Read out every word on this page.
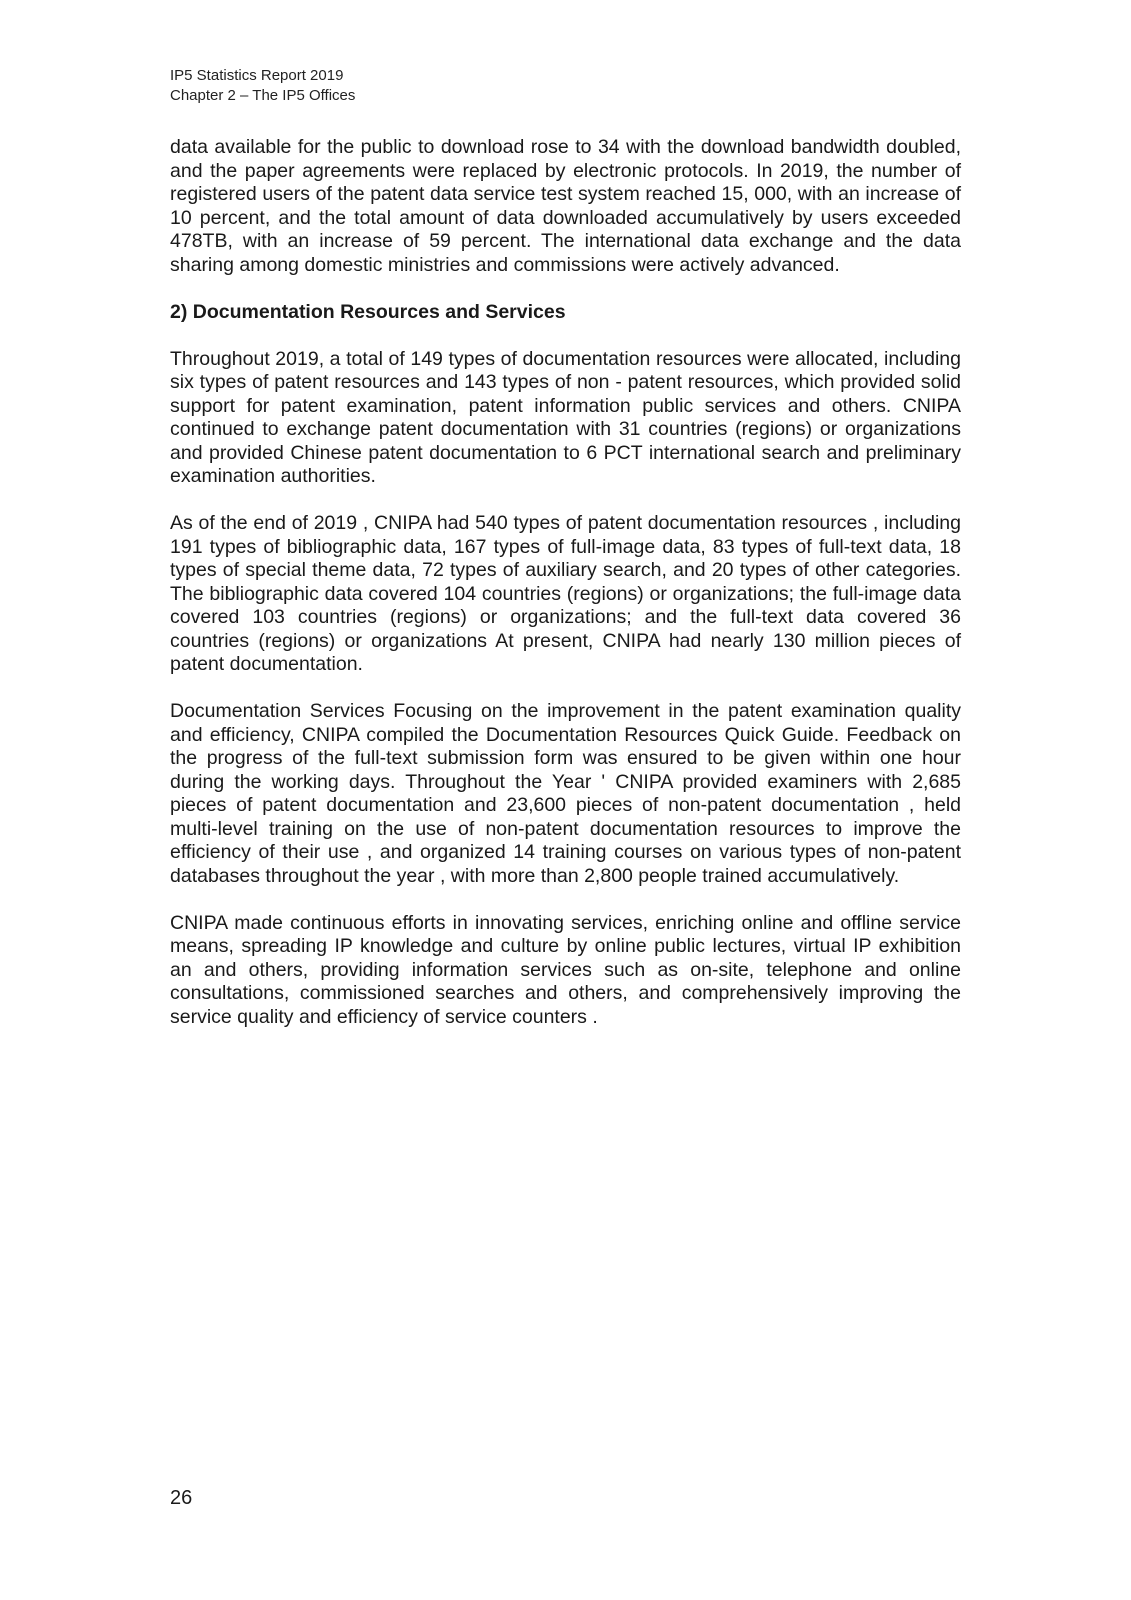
IP5 Statistics Report 2019
Chapter 2 – The IP5 Offices

data available for the public to download rose to 34 with the download bandwidth doubled, and the paper agreements were replaced by electronic protocols. In 2019, the number of registered users of the patent data service test system reached 15, 000, with an increase of 10 percent, and the total amount of data downloaded accumulatively by users exceeded 478TB, with an increase of 59 percent. The international data exchange and the data sharing among domestic ministries and commissions were actively advanced.

2) Documentation Resources and Services

Throughout 2019, a total of 149 types of documentation resources were allocated, including six types of patent resources and 143 types of non - patent resources, which provided solid support for patent examination, patent information public services and others. CNIPA continued to exchange patent documentation with 31 countries (regions) or organizations and provided Chinese patent documentation to 6 PCT international search and preliminary examination authorities.

As of the end of 2019 , CNIPA had 540 types of patent documentation resources , including 191 types of bibliographic data, 167 types of full-image data, 83 types of full-text data, 18 types of special theme data, 72 types of auxiliary search, and 20 types of other categories. The bibliographic data covered 104 countries (regions) or organizations; the full-image data covered 103 countries (regions) or organizations; and the full-text data covered 36 countries (regions) or organizations At present, CNIPA had nearly 130 million pieces of patent documentation.

Documentation Services Focusing on the improvement in the patent examination quality and efficiency, CNIPA compiled the Documentation Resources Quick Guide. Feedback on the progress of the full-text submission form was ensured to be given within one hour during the working days. Throughout the Year ' CNIPA provided examiners with 2,685 pieces of patent documentation and 23,600 pieces of non-patent documentation , held multi-level training on the use of non-patent documentation resources to improve the efficiency of their use , and organized 14 training courses on various types of non-patent databases throughout the year , with more than 2,800 people trained accumulatively.

CNIPA made continuous efforts in innovating services, enriching online and offline service means, spreading IP knowledge and culture by online public lectures, virtual IP exhibition an and others, providing information services such as on-site, telephone and online consultations, commissioned searches and others, and comprehensively improving the service quality and efficiency of service counters .

26
